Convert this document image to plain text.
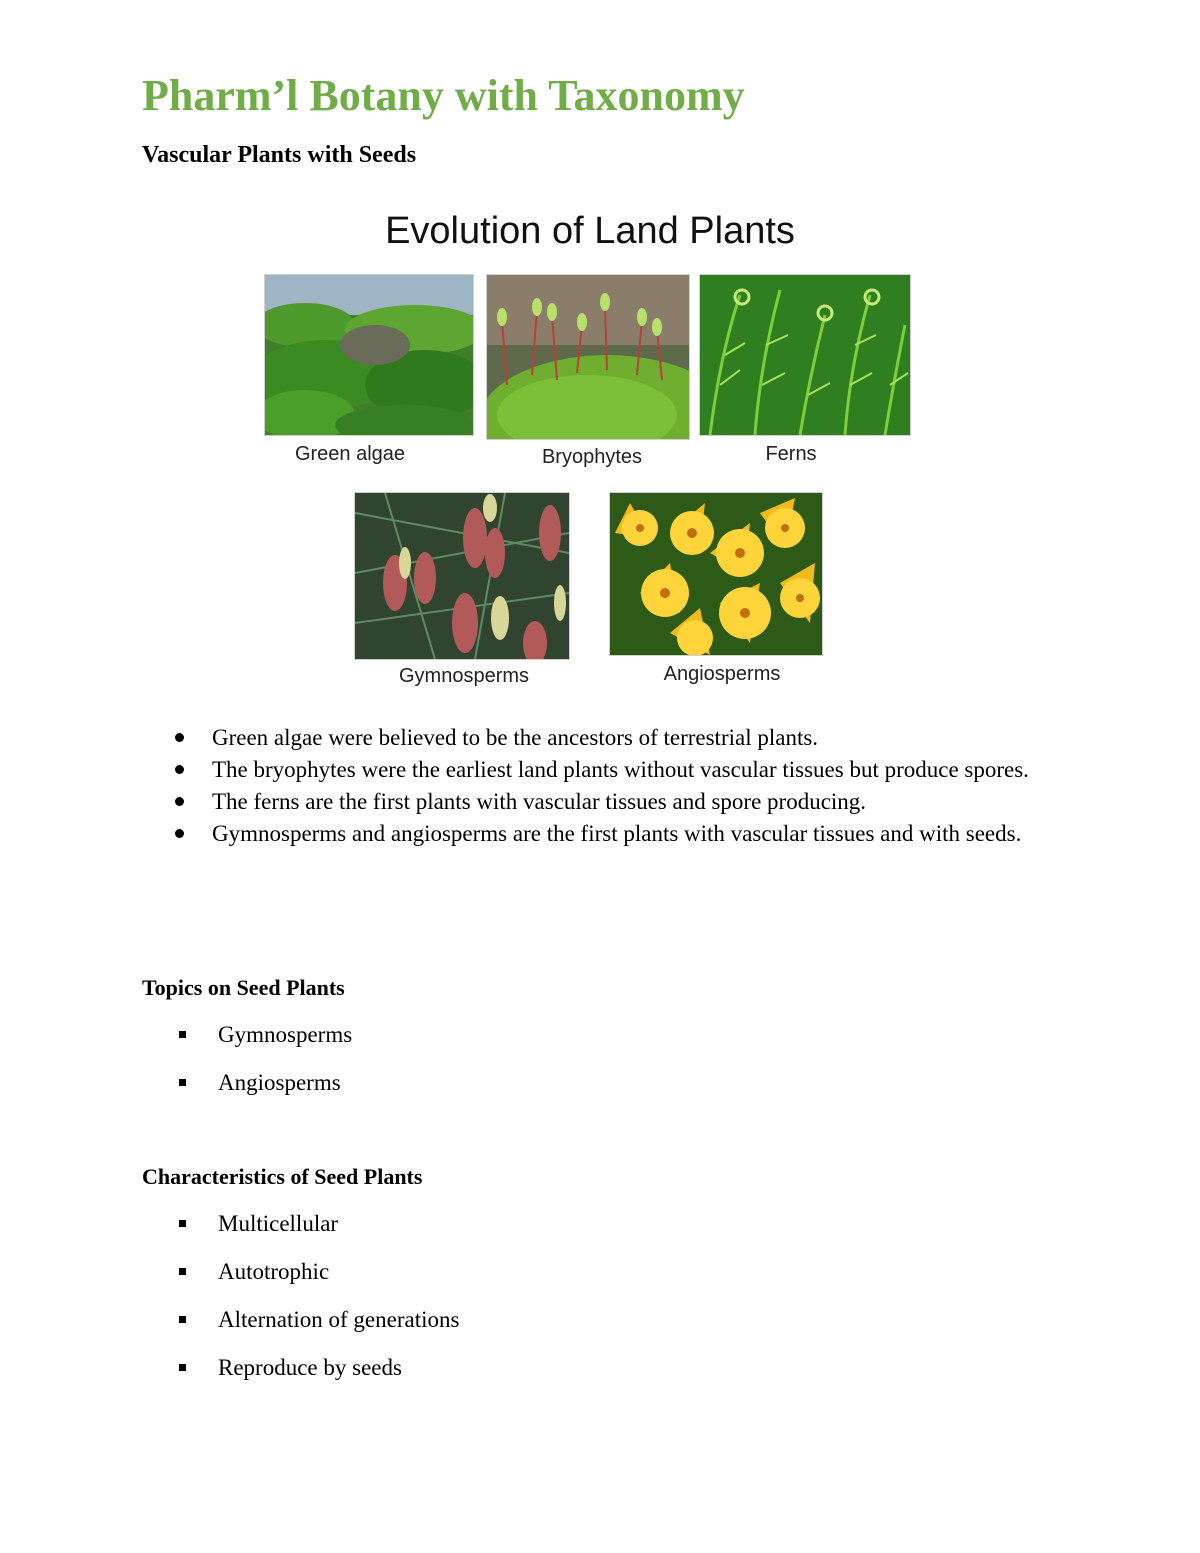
Pharm’l Botany with Taxonomy
Vascular Plants with Seeds
Evolution of Land Plants
Green algae	Bryophytes	Ferns
Gymnosperms	Angiosperms
Green algae were believed to be the ancestors of terrestrial plants.
The bryophytes were the earliest land plants without vascular tissues but produce spores.
The ferns are the first plants with vascular tissues and spore producing.
Gymnosperms and angiosperms are the first plants with vascular tissues and with seeds.
Topics on Seed Plants
Gymnosperms
Angiosperms
Characteristics of Seed Plants
Multicellular
Autotrophic
Alternation of generations
Reproduce by seeds
